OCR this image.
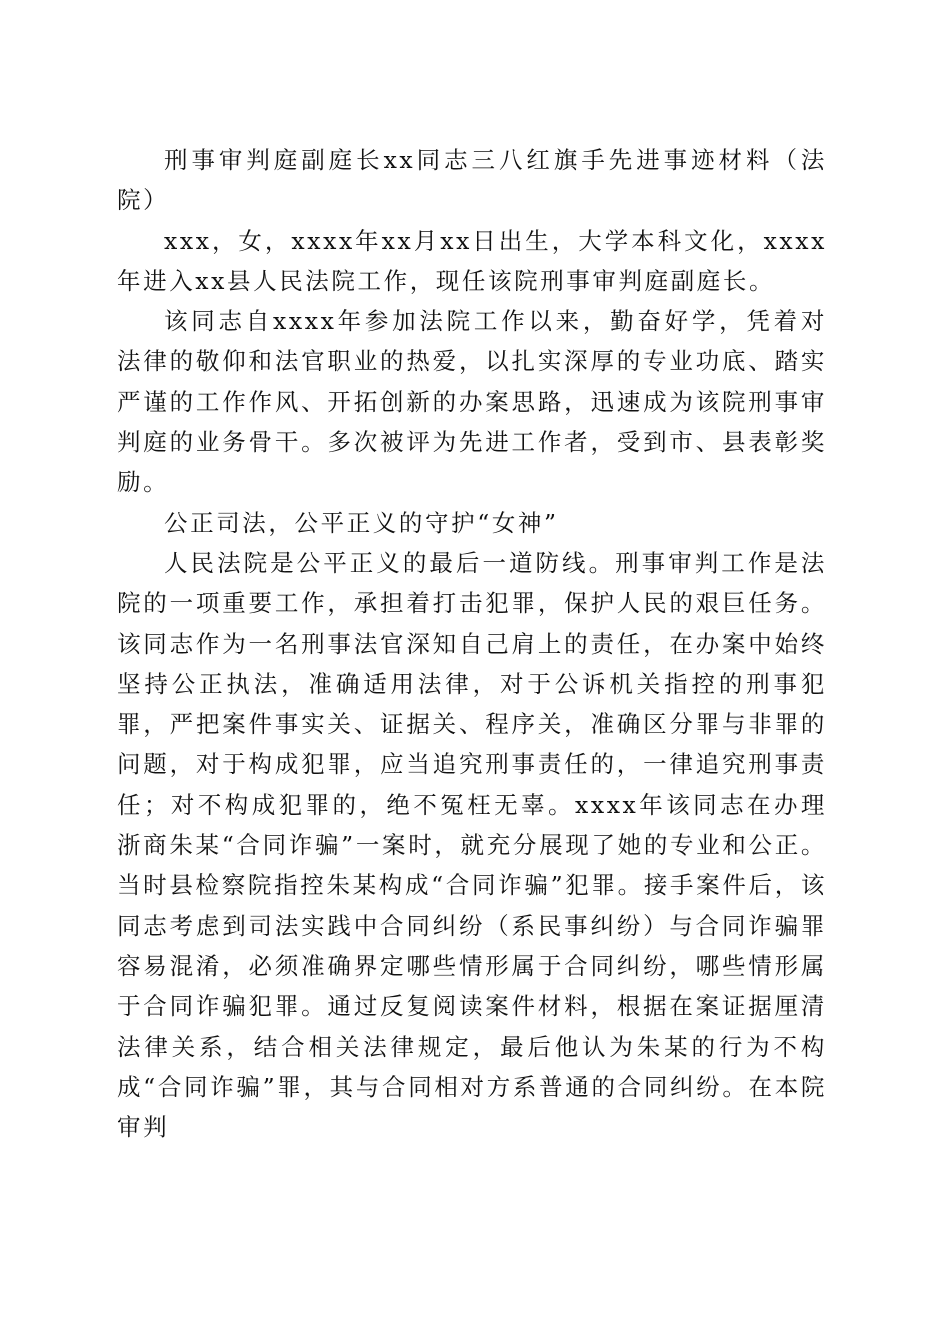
刑事审判庭副庭长xx同志三八红旗手先进事迹材料（法院）

xxx，女，xxxx年xx月xx日出生，大学本科文化，xxxx年进入xx县人民法院工作，现任该院刑事审判庭副庭长。

该同志自xxxx年参加法院工作以来，勤奋好学，凭着对法律的敬仰和法官职业的热爱，以扎实深厚的专业功底、踏实严谨的工作作风、开拓创新的办案思路，迅速成为该院刑事审判庭的业务骨干。多次被评为先进工作者，受到市、县表彰奖励。

公正司法，公平正义的守护“女神”

人民法院是公平正义的最后一道防线。刑事审判工作是法院的一项重要工作，承担着打击犯罪，保护人民的艰巨任务。该同志作为一名刑事法官深知自己肩上的责任，在办案中始终坚持公正执法，准确适用法律，对于公诉机关指控的刑事犯罪，严把案件事实关、证据关、程序关，准确区分罪与非罪的问题，对于构成犯罪，应当追究刑事责任的，一律追究刑事责任；对不构成犯罪的，绝不冤枉无辜。xxxx年该同志在办理浙商朱某“合同诈骗”一案时，就充分展现了她的专业和公正。当时县检察院指控朱某构成“合同诈骗”犯罪。接手案件后，该同志考虑到司法实践中合同纠纷（系民事纠纷）与合同诈骗罪容易混淆，必须准确界定哪些情形属于合同纠纷，哪些情形属于合同诈骗犯罪。通过反复阅读案件材料，根据在案证据厘清法律关系，结合相关法律规定，最后他认为朱某的行为不构成“合同诈骗”罪，其与合同相对方系普通的合同纠纷。在本院审判
